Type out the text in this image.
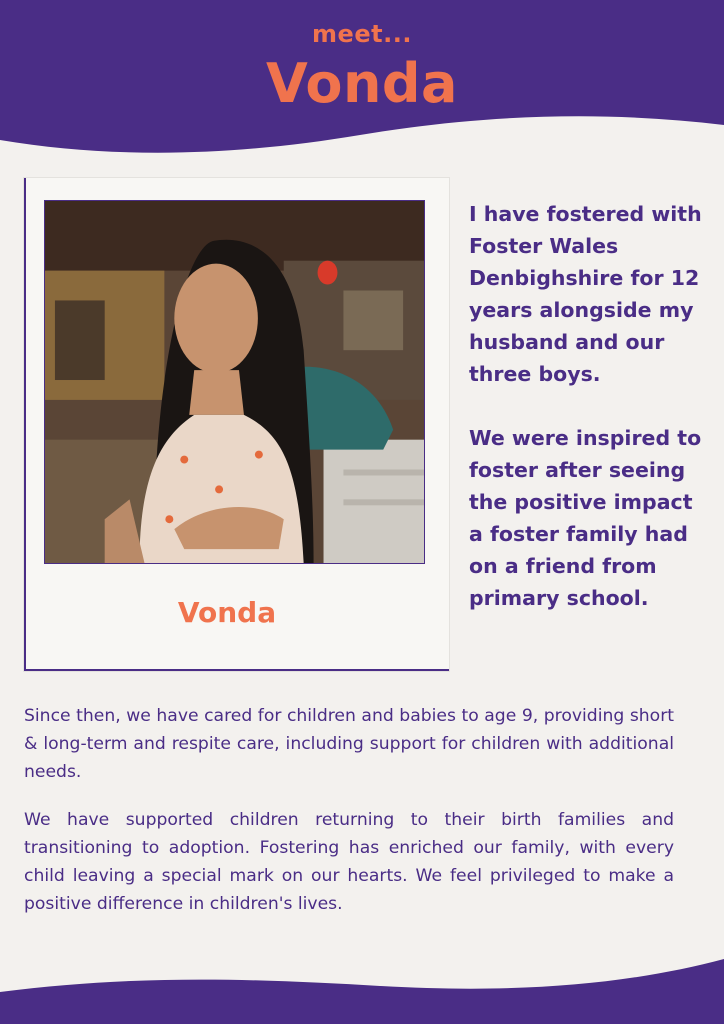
meet...
Vonda
Vonda

I have fostered with Foster Wales Denbighshire for 12 years alongside my husband and our three boys.

We were inspired to foster after seeing the positive impact a foster family had on a friend from primary school.

Since then, we have cared for children and babies to age 9, providing short & long-term and respite care, including support for children with additional needs.

We have supported children returning to their birth families and transitioning to adoption. Fostering has enriched our family, with every child leaving a special mark on our hearts. We feel privileged to make a positive difference in children's lives.
